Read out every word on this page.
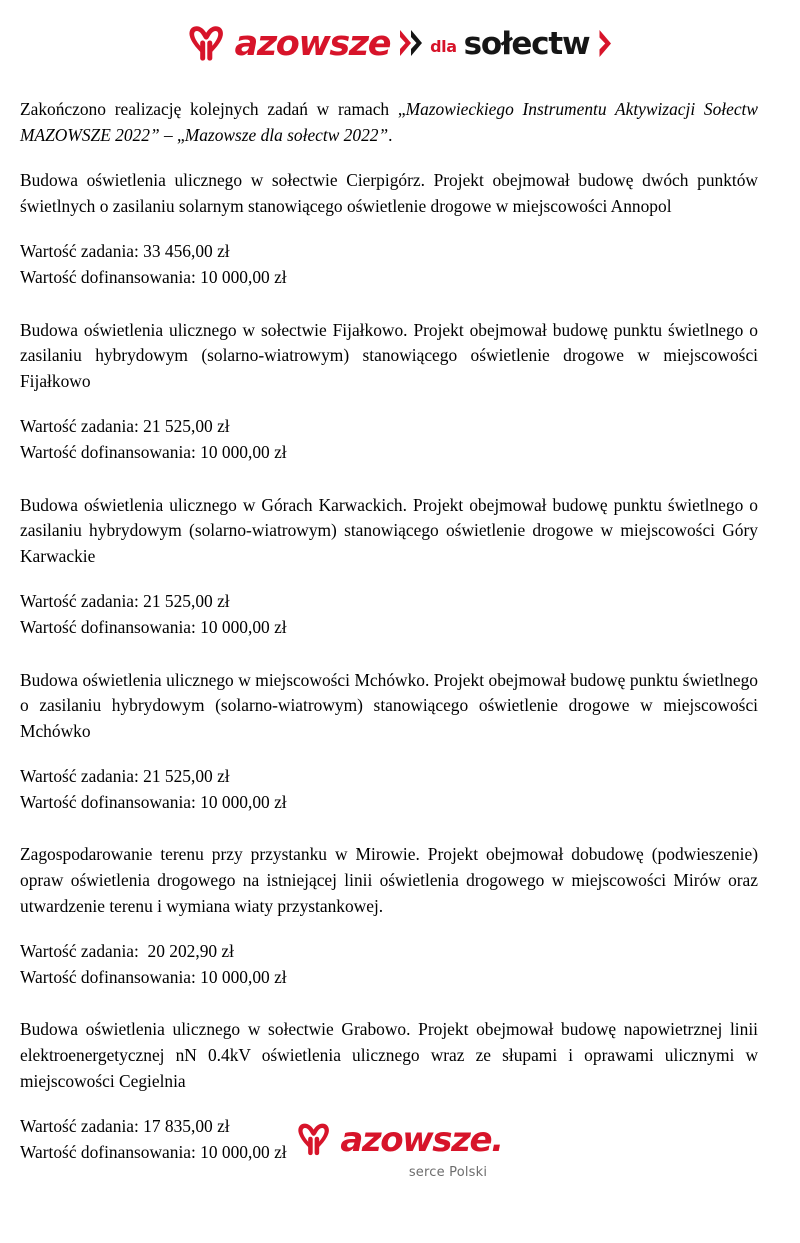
azowsze	dla sołectw

Zakończono realizację kolejnych zadań w ramach „Mazowieckiego Instrumentu Aktywizacji Sołectw MAZOWSZE 2022” – „Mazowsze dla sołectw 2022”.

Budowa oświetlenia ulicznego w sołectwie Cierpigórz. Projekt obejmował budowę dwóch punktów świetlnych o zasilaniu solarnym stanowiącego oświetlenie drogowe w miejscowości Annopol

Wartość zadania: 33 456,00 zł
Wartość dofinansowania: 10 000,00 zł

Budowa oświetlenia ulicznego w sołectwie Fijałkowo. Projekt obejmował budowę punktu świetlnego o zasilaniu hybrydowym (solarno-wiatrowym) stanowiącego oświetlenie drogowe w miejscowości Fijałkowo

Wartość zadania: 21 525,00 zł
Wartość dofinansowania: 10 000,00 zł

Budowa oświetlenia ulicznego w Górach Karwackich. Projekt obejmował budowę punktu świetlnego o zasilaniu hybrydowym (solarno-wiatrowym) stanowiącego oświetlenie drogowe w miejscowości Góry Karwackie

Wartość zadania: 21 525,00 zł
Wartość dofinansowania: 10 000,00 zł

Budowa oświetlenia ulicznego w miejscowości Mchówko. Projekt obejmował budowę punktu świetlnego o zasilaniu hybrydowym (solarno-wiatrowym) stanowiącego oświetlenie drogowe w miejscowości Mchówko

Wartość zadania: 21 525,00 zł
Wartość dofinansowania: 10 000,00 zł

Zagospodarowanie terenu przy przystanku w Mirowie. Projekt obejmował dobudowę (podwieszenie) opraw oświetlenia drogowego na istniejącej linii oświetlenia drogowego w miejscowości Mirów oraz utwardzenie terenu i wymiana wiaty przystankowej.

Wartość zadania:  20 202,90 zł
Wartość dofinansowania: 10 000,00 zł

Budowa oświetlenia ulicznego w sołectwie Grabowo. Projekt obejmował budowę napowietrznej linii elektroenergetycznej nN 0.4kV oświetlenia ulicznego wraz ze słupami i oprawami ulicznymi w miejscowości Cegielnia

Wartość zadania: 17 835,00 zł
Wartość dofinansowania: 10 000,00 zł	azowsze.
serce Polski
